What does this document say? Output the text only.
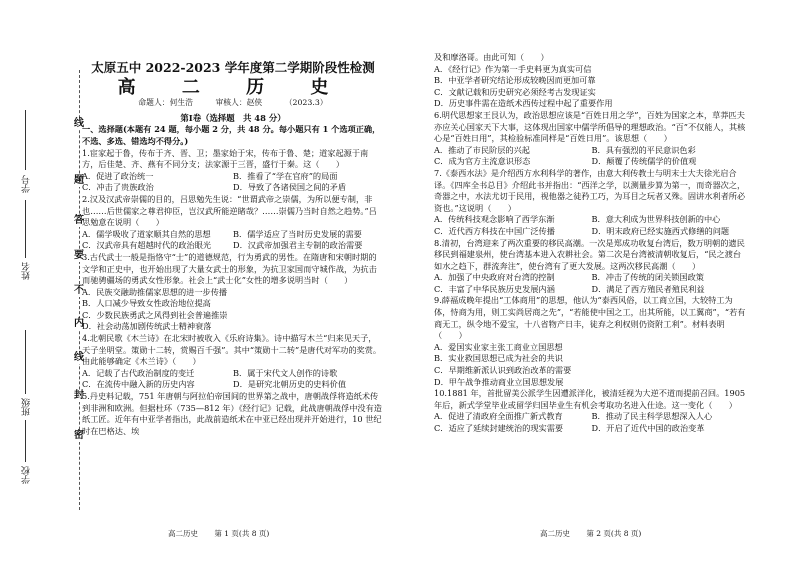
线
题
答
要
不
内
线
封
密
学号
姓名
班级
学校
太原五中 2022-2023 学年度第二学期阶段性检测
高 二 历 史
命题人：何生浩	审核人：赵侠	（2023.3）
第Ⅰ卷（选择题　共 48 分）
一、选择题(本题有 24 题，每小题 2 分，共 48 分。每小题只有 1 个选项正确，不选、多选、错选均不得分。)
1.宦家起于鲁，传布于齐、晋、卫；墨家始于宋，传布于鲁、楚；道家起源于南方，后佳楚、齐、燕有不同分支；法家源于三晋，盛行于秦。这（　　）
A．促进了政治统一	B．推看了“学在官府”的局面
C．冲击了贵族政治	D．导致了各诸侯国之间的矛盾
2.汉及汉武帝崇儒的目的，吕思勉先生说：“世谓武帝之崇儒，为所以便专制，非也……后世儒家之尊君抑臣，岂汉武所能逆睹哉？……崇儒乃当时自然之趋势。”吕思勉意在说明（　　）
A．儒学吸收了道家顺其自然的思想	B．儒学适应了当时历史发展的需要
C．汉武帝具有超越时代的政治眼光	D．汉武帝加强君主专制的政治需要
3.古代武士一般是指恪守“士”的道德规范，行为勇武的男性。在隋唐和宋朝时期的文学和正史中，也开始出现了大量女武士的形象，为抗卫家国而守城作战，为抗击而驰骋疆场的勇武女性形象。社会上“武士化”女性的增多说明当时（　　）
A．民族交融助推儒家思想的进一步传播
B．人口减少导致女性政治地位提高
C．少数民族勇武之风得到社会普遍推崇
D．社会动荡加剧传统武士精神衰落
4.北朝民歌《木兰诗》在北宋时被收入《乐府诗集》。诗中描写木兰“归来见天子，天子坐明堂。策勋十二转，赏赐百千强”。其中“策勋十二转”是唐代对军功的奖赏。由此能够确定《木兰诗》（　　）
A．记载了古代政治制度的变迁	B．属于宋代文人创作的诗歌
C．在流传中融入新的历史内容	D．是研究北朝历史的史料价值
5.丹史料记载，751 年唐朝与阿拉伯帝国间的世界第之战中，唐朝战俘将造纸术传到非洲和欧洲。但据杜环（735—812 年）《经行记》记载，此战唐朝战俘中没有造纸工匠。近年有中亚学者指出，此战前造纸术在中亚已经出现并开始进行，10 世纪时在巴格达、埃
及和摩洛哥。由此可知（　　）
A．《经行记》作为第一手史料更为真实可信
B．中亚学者研究结论形成较晚因而更加可靠
C．文献记载和历史研究必须经考古发现证实
D．历史事件需在造纸术西传过程中起了重要作用
6.明代思想家王艮认为，政治思想应该是“百姓日用之学”，百姓为国家之本，草莽匹夫亦应关心国家天下大事，这体现出国家中儒学所倡导的理想政治。“百”不仅能人，其核心是“百姓日用”，其检验标准同样是“百姓日用”。该思想（　　）
A．推动了市民阶层的兴起	B．具有强烈的平民意识色彩
C．成为官方主流意识形态	D．颠覆了传统儒学的价值观
7.《泰西水法》是介绍西方水利科学的著作，由意大利传教士与明末士大夫徐光启合译。《四库全书总目》介绍此书并指出：“西洋之学，以测量步算为第一，而奇器次之，奇器之中，水法尤切于民用，视他器之徒矜工巧，为耳目之玩者又殊。固讲水利者所必资也。”这说明（　　）
A．传统科技观念影响了西学东渐	B．意大利成为世界科技创新的中心
C．近代西方科技在中国广泛传播	D．明末政府已经实施西式修缮的问题
8.清初，台湾迎来了两次重要的移民高潮。一次是郑成功收复台湾后，数万明朝的遗民移民到福建泉州，使台湾基本进入农耕社会。第二次是台湾被清朝收复后，“民之渡台如水之趋下，群流奔注”，使台湾有了更大发展。这两次移民高潮（　　）
A．加强了中央政府对台湾的控制	B．冲击了传统的闭关锁国政策
C．丰富了中华民族历史发展内涵	D．满足了西方殖民者殖民利益
9.薛福成晚年提出“工体商用”的思想，他认为“泰西风俗，以工商立国，大较特工为体，恃商为用，则工实尚居商之先”，“若能使中国之工，出其所能，以工翼商”，“若有商无工，纵令地不爱宝，十八省物产日丰，徒弃之利权则仍资附工利”。材料表明（　　）
A．爱国实业家主张工商业立国思想
B．实业救国思想已成为社会的共识
C．早期维新派认识到政治改革的需要
D．甲午战争推动商业立国思想发展
10.1881 年，首批留美公派学生因遭派洋化，被清廷视为大逆不道而提前召回。1905 年后，新式学堂毕业或留学归国毕业生有机会考取功名进入仕途。这一变化（　　）
A．促进了清政府全面推广新式教育	B．推动了民主科学思想深入人心
C．适应了延续封建统治的现实需要	D．开启了近代中国的政治变革
高二历史 第 1 页(共 8 页)	高二历史 第 2 页(共 8 页)
